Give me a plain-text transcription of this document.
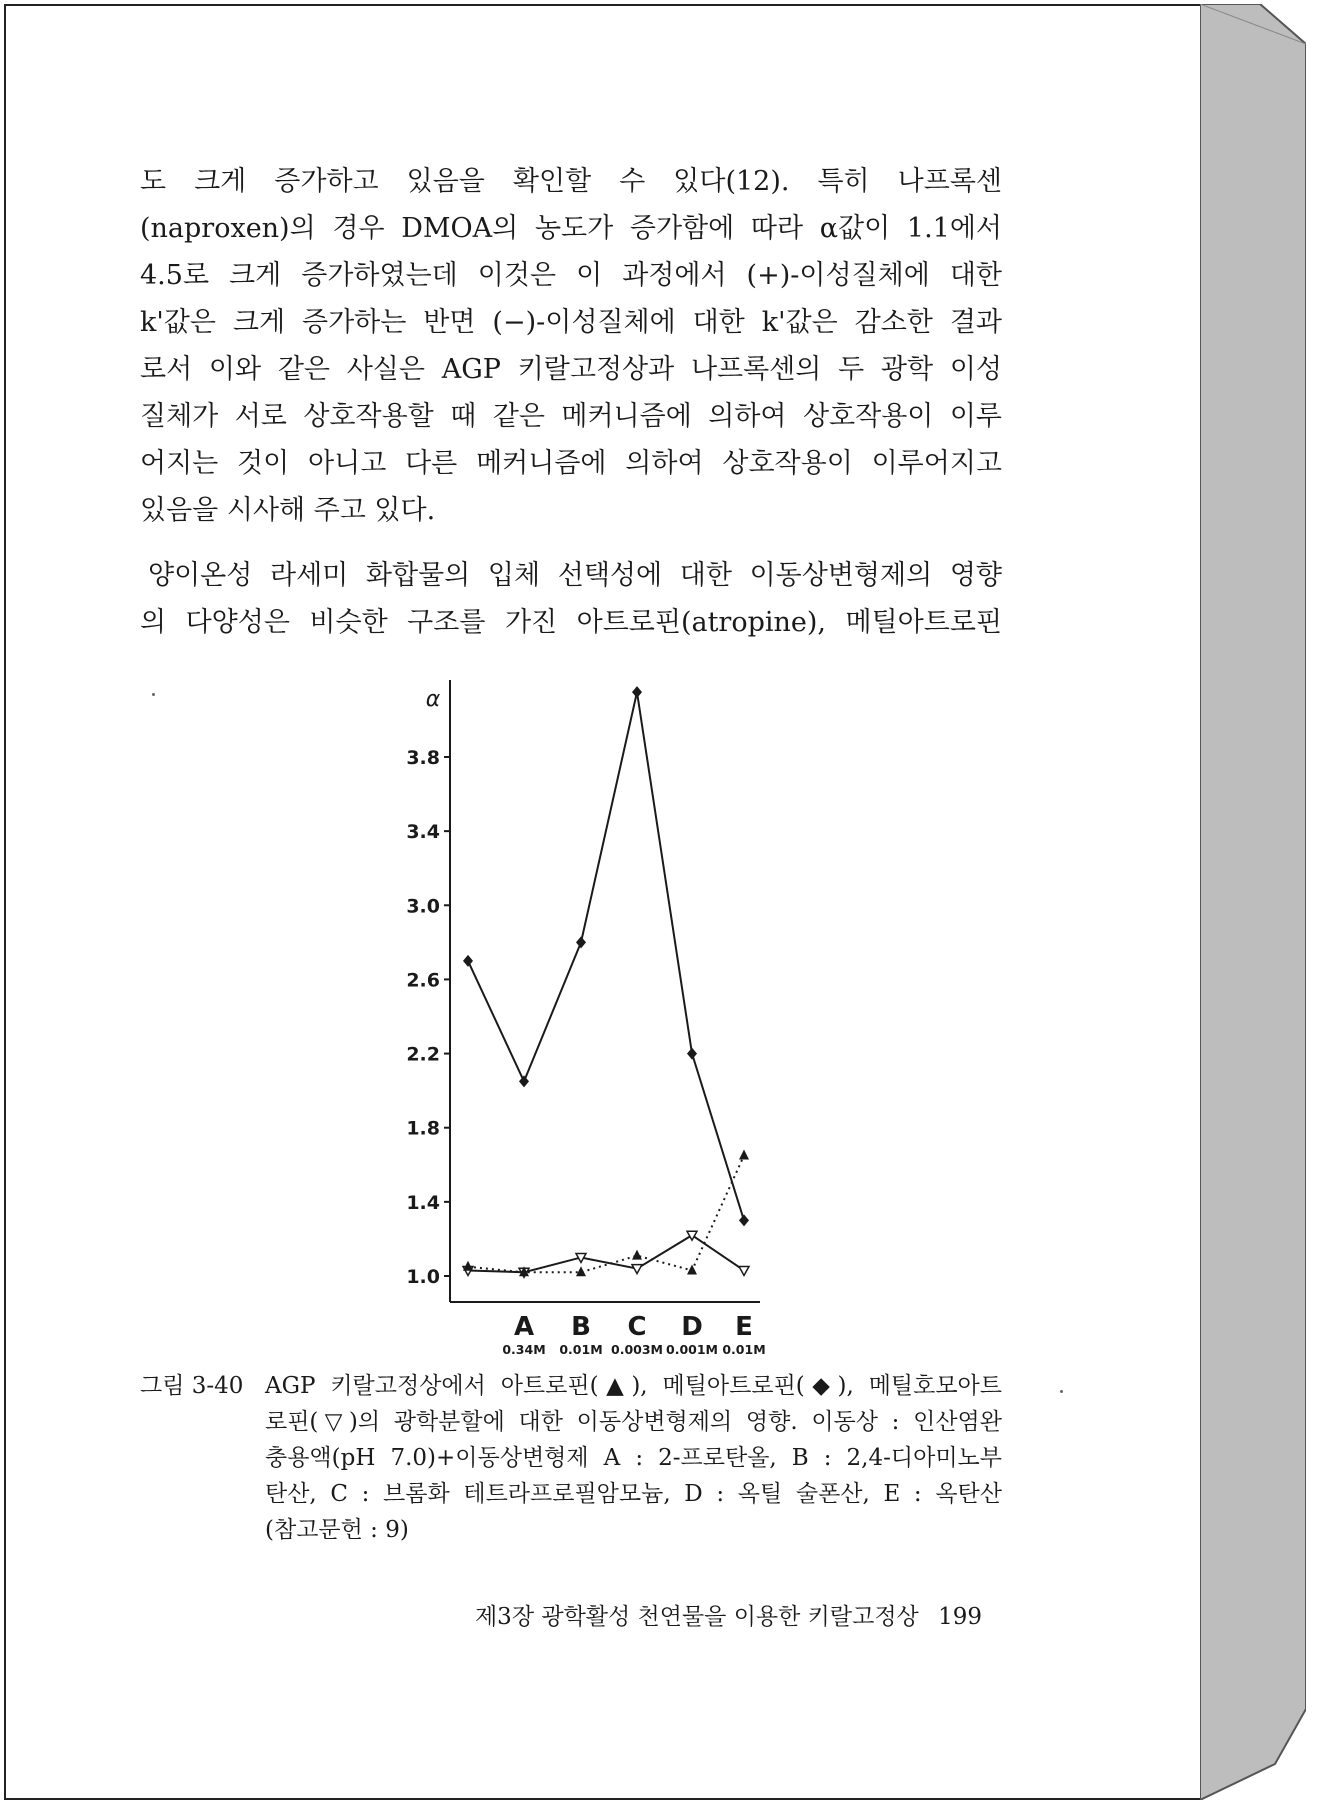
도 크게 증가하고 있음을 확인할 수 있다(12). 특히 나프록센
(naproxen)의 경우 DMOA의 농도가 증가함에 따라 α값이 1.1에서
4.5로 크게 증가하였는데 이것은 이 과정에서 (+)-이성질체에 대한
k'값은 크게 증가하는 반면 (−)-이성질체에 대한 k'값은 감소한 결과
로서 이와 같은 사실은 AGP 키랄고정상과 나프록센의 두 광학 이성
질체가 서로 상호작용할 때 같은 메커니즘에 의하여 상호작용이 이루
어지는 것이 아니고 다른 메커니즘에 의하여 상호작용이 이루어지고
있음을 시사해 주고 있다.
양이온성 라세미 화합물의 입체 선택성에 대한 이동상변형제의 영향
의 다양성은 비슷한 구조를 가진 아트로핀(atropine), 메틸아트로핀
α
1.0
1.4
1.8
2.2
2.6
3.0
3.4
3.8
A
0.34M
B
0.01M
C
0.003M
D
0.001M
E
0.01M
그림 3-40 AGP 키랄고정상에서 아트로핀(▲), 메틸아트로핀(◆), 메틸호모아트
로핀(▽)의 광학분할에 대한 이동상변형제의 영향. 이동상 : 인산염완
충용액(pH 7.0)+이동상변형제 A : 2-프로탄올, B : 2,4-디아미노부
탄산, C : 브롬화 테트라프로필암모늄, D : 옥틸 술폰산, E : 옥탄산
(참고문헌 : 9)
제3장 광학활성 천연물을 이용한 키랄고정상 199
